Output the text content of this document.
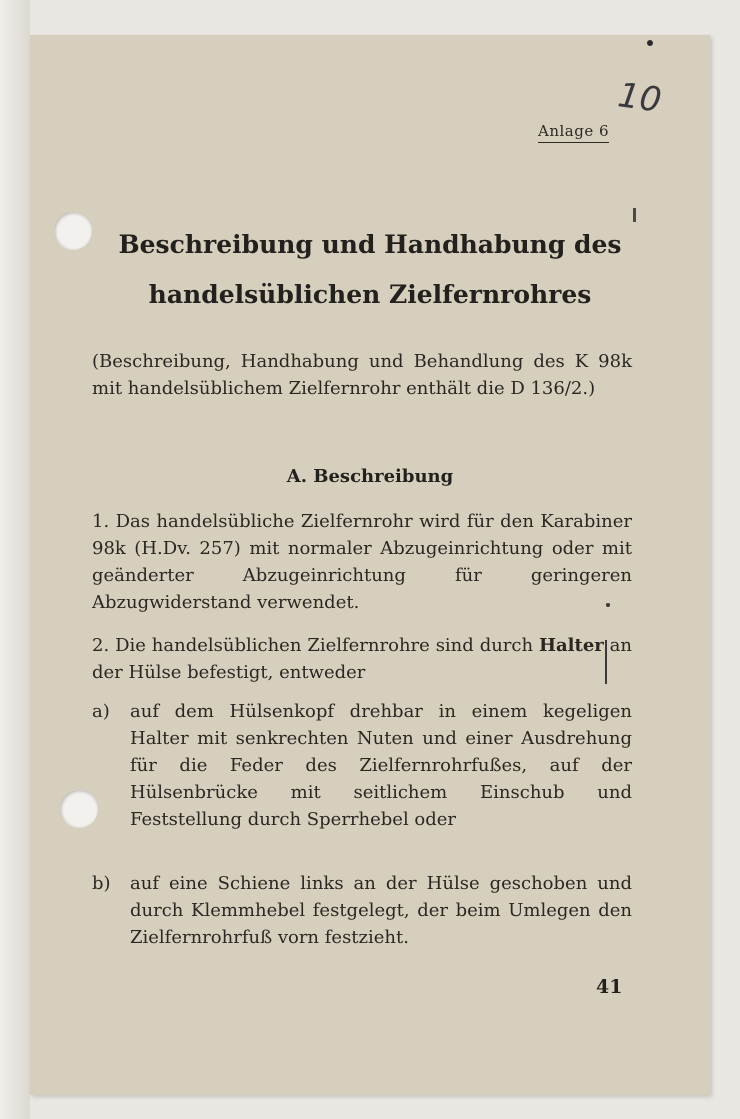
10
Anlage 6
Beschreibung und Handhabung des
handelsüblichen Zielfernrohres
(Beschreibung, Handhabung und Behandlung des K 98k mit handelsüblichem Zielfernrohr enthält die D 136/2.)
A. Beschreibung
1. Das handelsübliche Zielfernrohr wird für den Karabiner 98k (H.Dv. 257) mit normaler Abzugeinrichtung oder mit geänderter Abzugeinrichtung für geringeren Abzugwiderstand verwendet.
2. Die handelsüblichen Zielfernrohre sind durch Halter an der Hülse befestigt, entweder
a)	auf dem Hülsenkopf drehbar in einem kegeligen Halter mit senkrechten Nuten und einer Ausdrehung für die Feder des Zielfernrohrfußes, auf der Hülsenbrücke mit seitlichem Einschub und Feststellung durch Sperrhebel oder
b)	auf eine Schiene links an der Hülse geschoben und durch Klemmhebel festgelegt, der beim Umlegen den Zielfernrohrfuß vorn festzieht.
41
